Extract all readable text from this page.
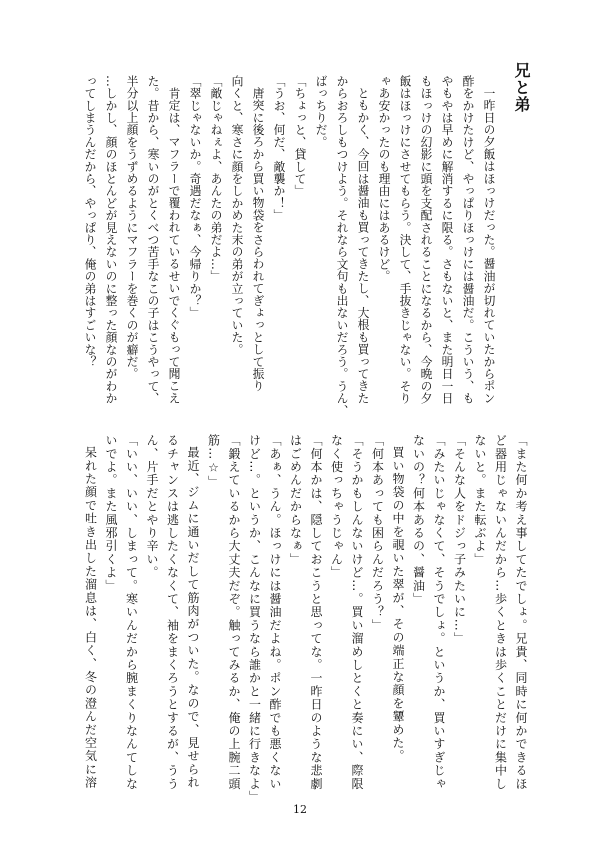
兄と弟
一昨日の夕飯はほっけだった。醤油が切れていたからポン
酢をかけたけど、やっぱりほっけには醤油だ。こういう、も
やもやは早めに解消するに限る。さもないと、また明日一日
もほっけの幻影に頭を支配されることになるから、今晩の夕
飯はほっけにさせてもらう。決して、手抜きじゃない。そり
ゃあ安かったのも理由にはあるけど。
ともかく、今回は醤油も買ってきたし、大根も買ってきた
からおろしもつけよう。それなら文句も出ないだろう。うん、
ばっちりだ。
「ちょっと、貸して」
「うお、何だ、敵襲か！」
唐突に後ろから買い物袋をさらわれてぎょっとして振り
向くと、寒さに顔をしかめた末の弟が立っていた。
「敵じゃねぇよ、あんたの弟だよ…」
「翠じゃないか。奇遇だなぁ、今帰りか？」
肯定は、マフラーで覆われているせいでくぐもって聞こえ
た。昔から、寒いのがとくべつ苦手なこの子はこうやって、
半分以上顔をうずめるようにマフラーを巻くのが癖だ。
…しかし、顔のほとんどが見えないのに整った顔なのがわか
ってしまうんだから、やっぱり、俺の弟はすごいな？
「また何か考え事してたでしょ。兄貴、同時に何かできるほ
ど器用じゃないんだから…歩くときは歩くことだけに集中し
ないと。また転ぶよ」
「そんな人をドジっ子みたいに…」
「みたいじゃなくて、そうでしょ。というか、買いすぎじゃ
ないの？何本あるの、醤油」
買い物袋の中を覗いた翠が、その端正な顔を顰めた。
「何本あっても困らんだろう？」
「そうかもしんないけど…。買い溜めしとくと奏にい、際限
なく使っちゃうじゃん」
「何本かは、隠しておこうと思ってな。一昨日のような悲劇
はごめんだからなぁ」
「あぁ、うん。ほっけには醤油だよね。ポン酢でも悪くない
けど…。というか、こんなに買うなら誰かと一緒に行きなよ」
「鍛えているから大丈夫だぞ。触ってみるか、俺の上腕二頭
筋…☆」
最近、ジムに通いだして筋肉がついた。なので、見せられ
るチャンスは逃したくなくて、袖をまくろうとするが、うう
ん、片手だとやり辛い。
「いい、いい、しまって。寒いんだから腕まくりなんてしな
いでよ。また風邪引くよ」
呆れた顔で吐き出した溜息は、白く、冬の澄んだ空気に溶
12
